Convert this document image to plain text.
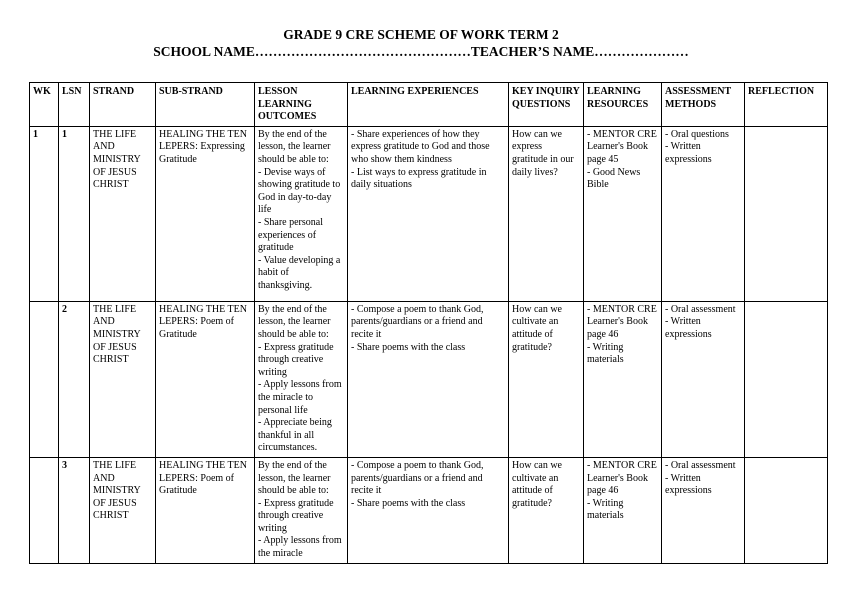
GRADE 9 CRE SCHEME OF WORK TERM 2
SCHOOL NAME…………………………………………TEACHER’S NAME…………………
WK	LSN	STRAND	SUB-STRAND	LESSON LEARNING OUTCOMES	LEARNING EXPERIENCES	KEY INQUIRY QUESTIONS	LEARNING RESOURCES	ASSESSMENT METHODS	REFLECTION
1	1	THE LIFE AND MINISTRY OF JESUS CHRIST	HEALING THE TEN LEPERS: Expressing Gratitude	By the end of the lesson, the learner should be able to:
- Devise ways of showing gratitude to God in day-to-day life
- Share personal experiences of gratitude
- Value developing a habit of thanksgiving.	- Share experiences of how they express gratitude to God and those who show them kindness
- List ways to express gratitude in daily situations	How can we express gratitude in our daily lives?	- MENTOR CRE Learner's Book page 45
- Good News Bible	- Oral questions
- Written expressions	

	2	THE LIFE AND MINISTRY OF JESUS CHRIST	HEALING THE TEN LEPERS: Poem of Gratitude	By the end of the lesson, the learner should be able to:
- Express gratitude through creative writing
- Apply lessons from the miracle to personal life
- Appreciate being thankful in all circumstances.	- Compose a poem to thank God, parents/guardians or a friend and recite it
- Share poems with the class	How can we cultivate an attitude of gratitude?	- MENTOR CRE Learner's Book page 46
- Writing materials	- Oral assessment
- Written expressions	

	3	THE LIFE AND MINISTRY OF JESUS CHRIST	HEALING THE TEN LEPERS: Poem of Gratitude	By the end of the lesson, the learner should be able to:
- Express gratitude through creative writing
- Apply lessons from the miracle	- Compose a poem to thank God, parents/guardians or a friend and recite it
- Share poems with the class	How can we cultivate an attitude of gratitude?	- MENTOR CRE Learner's Book page 46
- Writing materials	- Oral assessment
- Written expressions	
